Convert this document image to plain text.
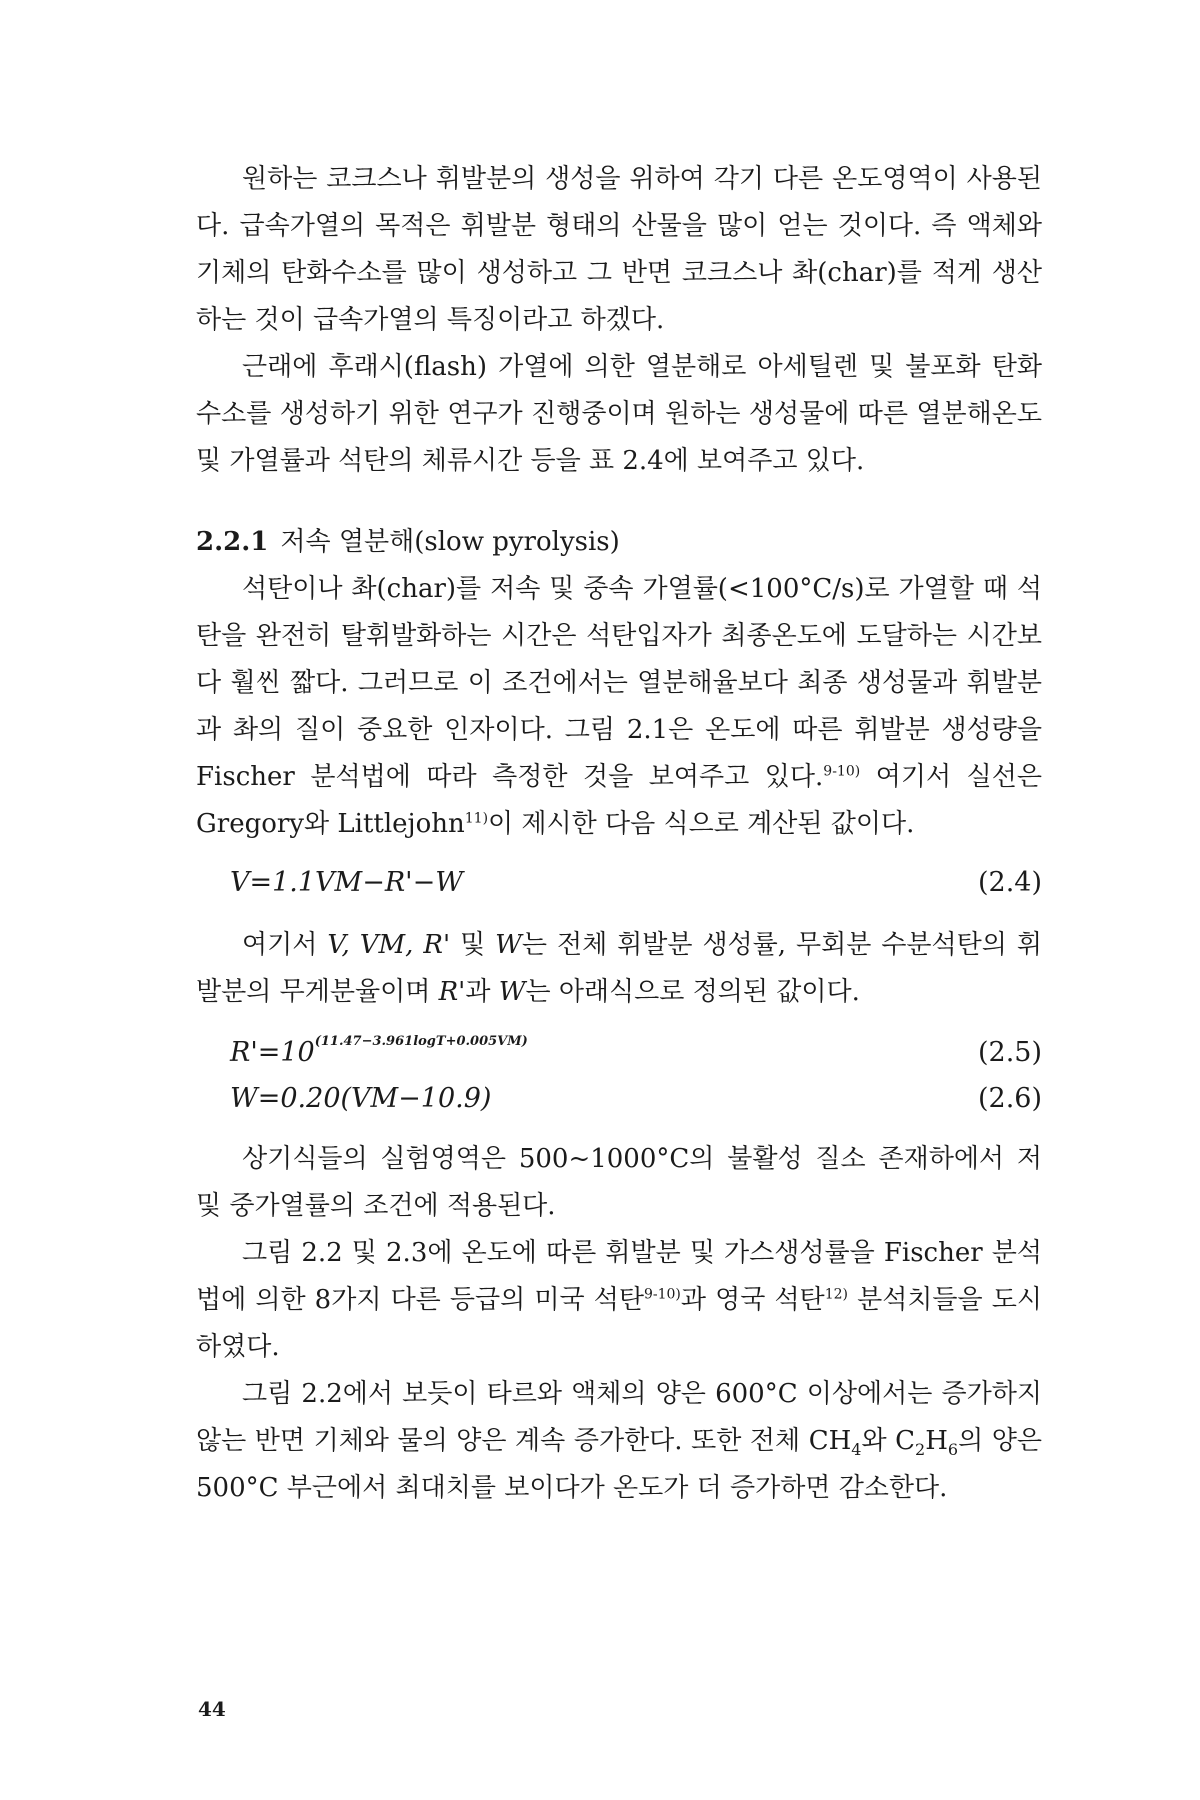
원하는 코크스나 휘발분의 생성을 위하여 각기 다른 온도영역이 사용된다. 급속가열의 목적은 휘발분 형태의 산물을 많이 얻는 것이다. 즉 액체와 기체의 탄화수소를 많이 생성하고 그 반면 코크스나 촤(char)를 적게 생산하는 것이 급속가열의 특징이라고 하겠다.

근래에 후래시(flash) 가열에 의한 열분해로 아세틸렌 및 불포화 탄화수소를 생성하기 위한 연구가 진행중이며 원하는 생성물에 따른 열분해온도 및 가열률과 석탄의 체류시간 등을 표 2.4에 보여주고 있다.

2.2.1 저속 열분해(slow pyrolysis)

석탄이나 촤(char)를 저속 및 중속 가열률(<100°C/s)로 가열할 때 석탄을 완전히 탈휘발화하는 시간은 석탄입자가 최종온도에 도달하는 시간보다 훨씬 짧다. 그러므로 이 조건에서는 열분해율보다 최종 생성물과 휘발분과 촤의 질이 중요한 인자이다. 그림 2.1은 온도에 따른 휘발분 생성량을 Fischer 분석법에 따라 측정한 것을 보여주고 있다.$^{9-10)}$ 여기서 실선은 Gregory와 Littlejohn$^{11)}$이 제시한 다음 식으로 계산된 값이다.

V=1.1VM−R'−W	(2.4)

여기서 V, VM, R' 및 W는 전체 휘발분 생성률, 무회분 수분석탄의 휘발분의 무게분율이며 R'과 W는 아래식으로 정의된 값이다.

$R'=10^{(11.47-3.961logT+0.005VM)}$	(2.5)
W=0.20(VM−10.9)	(2.6)

상기식들의 실험영역은 500~1000°C의 불활성 질소 존재하에서 저 및 중가열률의 조건에 적용된다.

그림 2.2 및 2.3에 온도에 따른 휘발분 및 가스생성률을 Fischer 분석법에 의한 8가지 다른 등급의 미국 석탄$^{9-10)}$과 영국 석탄$^{12)}$ 분석치들을 도시하였다.

그림 2.2에서 보듯이 타르와 액체의 양은 600°C 이상에서는 증가하지 않는 반면 기체와 물의 양은 계속 증가한다. 또한 전체 $CH_4$와 $C_2H_6$의 양은 500°C 부근에서 최대치를 보이다가 온도가 더 증가하면 감소한다.

44
